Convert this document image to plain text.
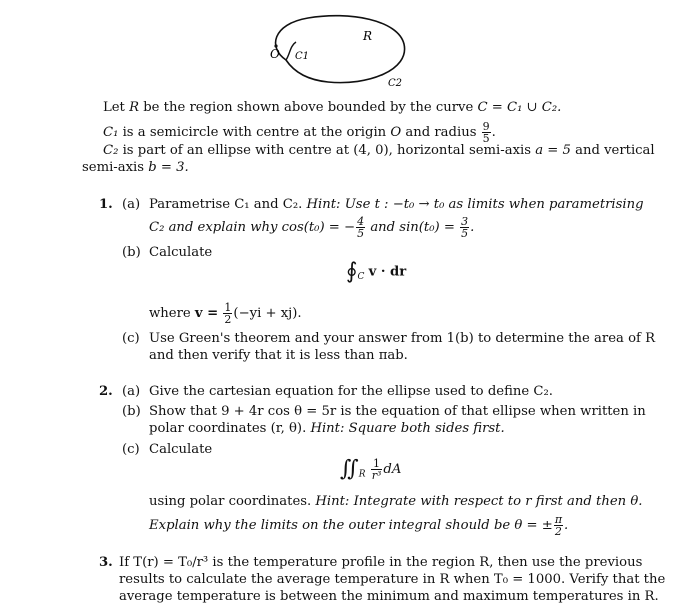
O C1
R
C2
Let R be the region shown above bounded by the curve C = C₁ ∪ C₂.
C₁ is a semicircle with centre at the origin O and radius $\frac{9}{5}$ .
C₂ is part of an ellipse with centre at (4, 0), horizontal semi-axis a = 5 and vertical
semi-axis b = 3.
1. (a) Parametrise C₁ and C₂. Hint: Use t : −t₀ → t₀ as limits when parametrising
C₂ and explain why cos(t₀) = − $\frac{4}{5}$ and $\sin(t_0) = \frac{3}{5}$ .
(b) Calculate
$∮_C$ v · dr
where $v = \frac{1}{2} (-yi + xj)$.
(c) Use Green's theorem and your answer from 1(b) to determine the area of R
and then verify that it is less than πab.
2. (a) Give the cartesian equation for the ellipse used to define C₂.
(b) Show that 9 + 4r cos θ = 5r is the equation of that ellipse when written in
polar coordinates (r, θ). Hint: Square both sides first.
(c) Calculate
$∬_R \frac{1}{\text{r³}}$ dA
using polar coordinates. Hint: Integrate with respect to r first and then θ.
Explain why the limits on the outer integral should be θ = ± $\frac{\pi}{2}$ .
3. If T(r) = T₀/r³ is the temperature profile in the region R, then use the previous
results to calculate the average temperature in R when T₀ = 1000. Verify that the
average temperature is between the minimum and maximum temperatures in R.
